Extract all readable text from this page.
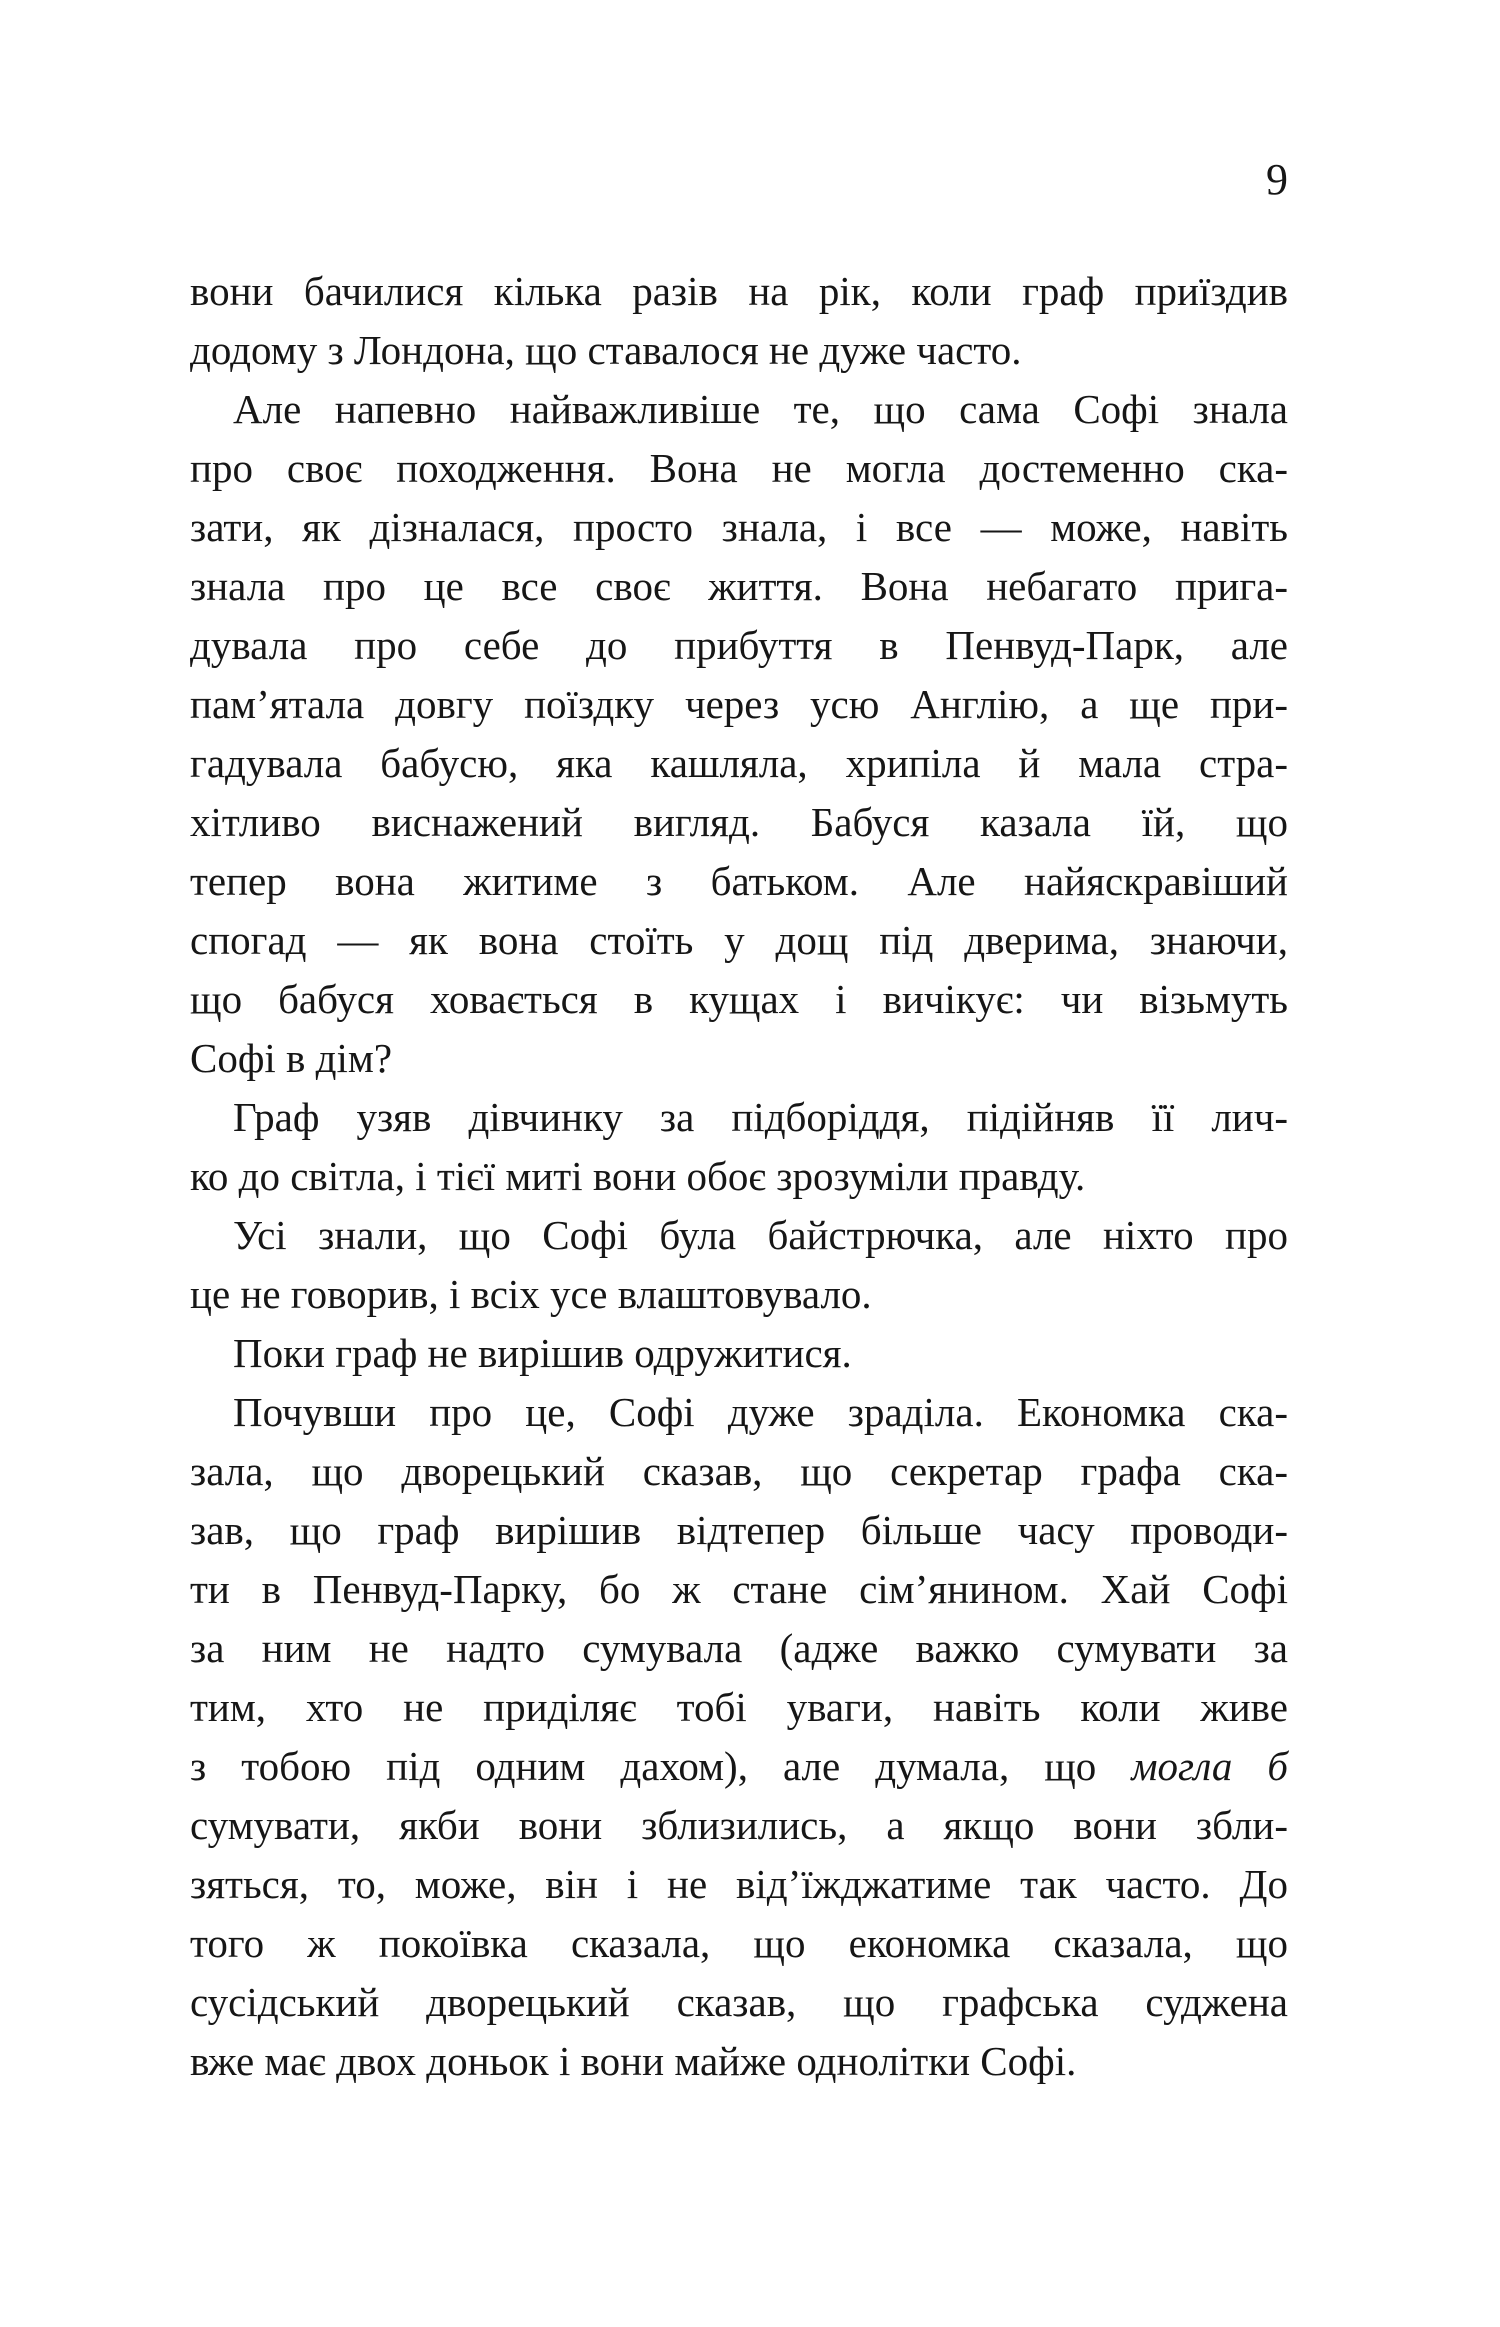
9
вони бачилися кілька разів на рік, коли граф приїздив
додому з Лондона, що ставалося не дуже часто.
Але напевно найважливіше те, що сама Софі знала
про своє походження. Вона не могла достеменно ска-
зати, як дізналася, просто знала, і все — може, навіть
знала про це все своє життя. Вона небагато прига-
дувала про себе до прибуття в Пенвуд-Парк, але
пам’ятала довгу поїздку через усю Англію, а ще при-
гадувала бабусю, яка кашляла, хрипіла й мала стра-
хітливо виснажений вигляд. Бабуся казала їй, що
тепер вона житиме з батьком. Але найяскравіший
спогад — як вона стоїть у дощ під дверима, знаючи,
що бабуся ховається в кущах і вичікує: чи візьмуть
Софі в дім?
Граф узяв дівчинку за підборіддя, підійняв її лич-
ко до світла, і тієї миті вони обоє зрозуміли правду.
Усі знали, що Софі була байстрючка, але ніхто про
це не говорив, і всіх усе влаштовувало.
Поки граф не вирішив одружитися.
Почувши про це, Софі дуже зраділа. Економка ска-
зала, що дворецький сказав, що секретар графа ска-
зав, що граф вирішив відтепер більше часу проводи-
ти в Пенвуд-Парку, бо ж стане сім’янином. Хай Софі
за ним не надто сумувала (адже важко сумувати за
тим, хто не приділяє тобі уваги, навіть коли живе
з тобою під одним дахом), але думала, що могла б
сумувати, якби вони зблизились, а якщо вони збли-
зяться, то, може, він і не від’їжджатиме так часто. До
того ж покоївка сказала, що економка сказала, що
сусідський дворецький сказав, що графська суджена
вже має двох доньок і вони майже однолітки Софі.
